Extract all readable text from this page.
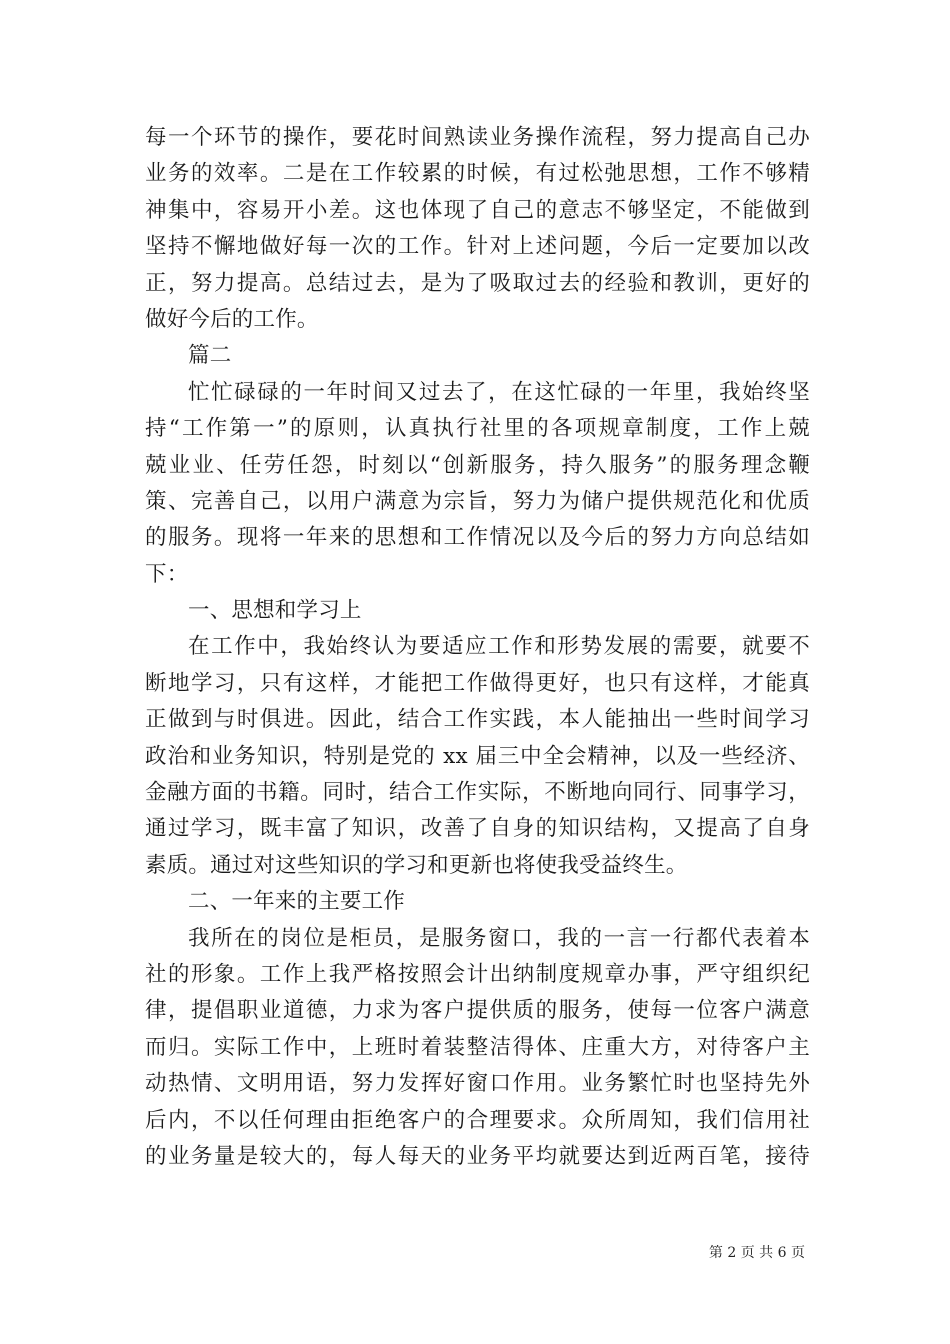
每一个环节的操作，要花时间熟读业务操作流程，努力提高自己办
业务的效率。二是在工作较累的时候，有过松弛思想，工作不够精
神集中，容易开小差。这也体现了自己的意志不够坚定，不能做到
坚持不懈地做好每一次的工作。针对上述问题，今后一定要加以改
正，努力提高。总结过去，是为了吸取过去的经验和教训，更好的
做好今后的工作。
篇二
忙忙碌碌的一年时间又过去了，在这忙碌的一年里，我始终坚
持“工作第一”的原则，认真执行社里的各项规章制度，工作上兢
兢业业、任劳任怨，时刻以“创新服务，持久服务”的服务理念鞭
策、完善自己，以用户满意为宗旨，努力为储户提供规范化和优质
的服务。现将一年来的思想和工作情况以及今后的努力方向总结如
下：
一、思想和学习上
在工作中，我始终认为要适应工作和形势发展的需要，就要不
断地学习，只有这样，才能把工作做得更好，也只有这样，才能真
正做到与时俱进。因此，结合工作实践，本人能抽出一些时间学习
政治和业务知识，特别是党的 xx 届三中全会精神，以及一些经济、
金融方面的书籍。同时，结合工作实际，不断地向同行、同事学习，
通过学习，既丰富了知识，改善了自身的知识结构，又提高了自身
素质。通过对这些知识的学习和更新也将使我受益终生。
二、一年来的主要工作
我所在的岗位是柜员，是服务窗口，我的一言一行都代表着本
社的形象。工作上我严格按照会计出纳制度规章办事，严守组织纪
律，提倡职业道德，力求为客户提供质的服务，使每一位客户满意
而归。实际工作中，上班时着装整洁得体、庄重大方，对待客户主
动热情、文明用语，努力发挥好窗口作用。业务繁忙时也坚持先外
后内，不以任何理由拒绝客户的合理要求。众所周知，我们信用社
的业务量是较大的，每人每天的业务平均就要达到近两百笔，接待
第 2 页 共 6 页
